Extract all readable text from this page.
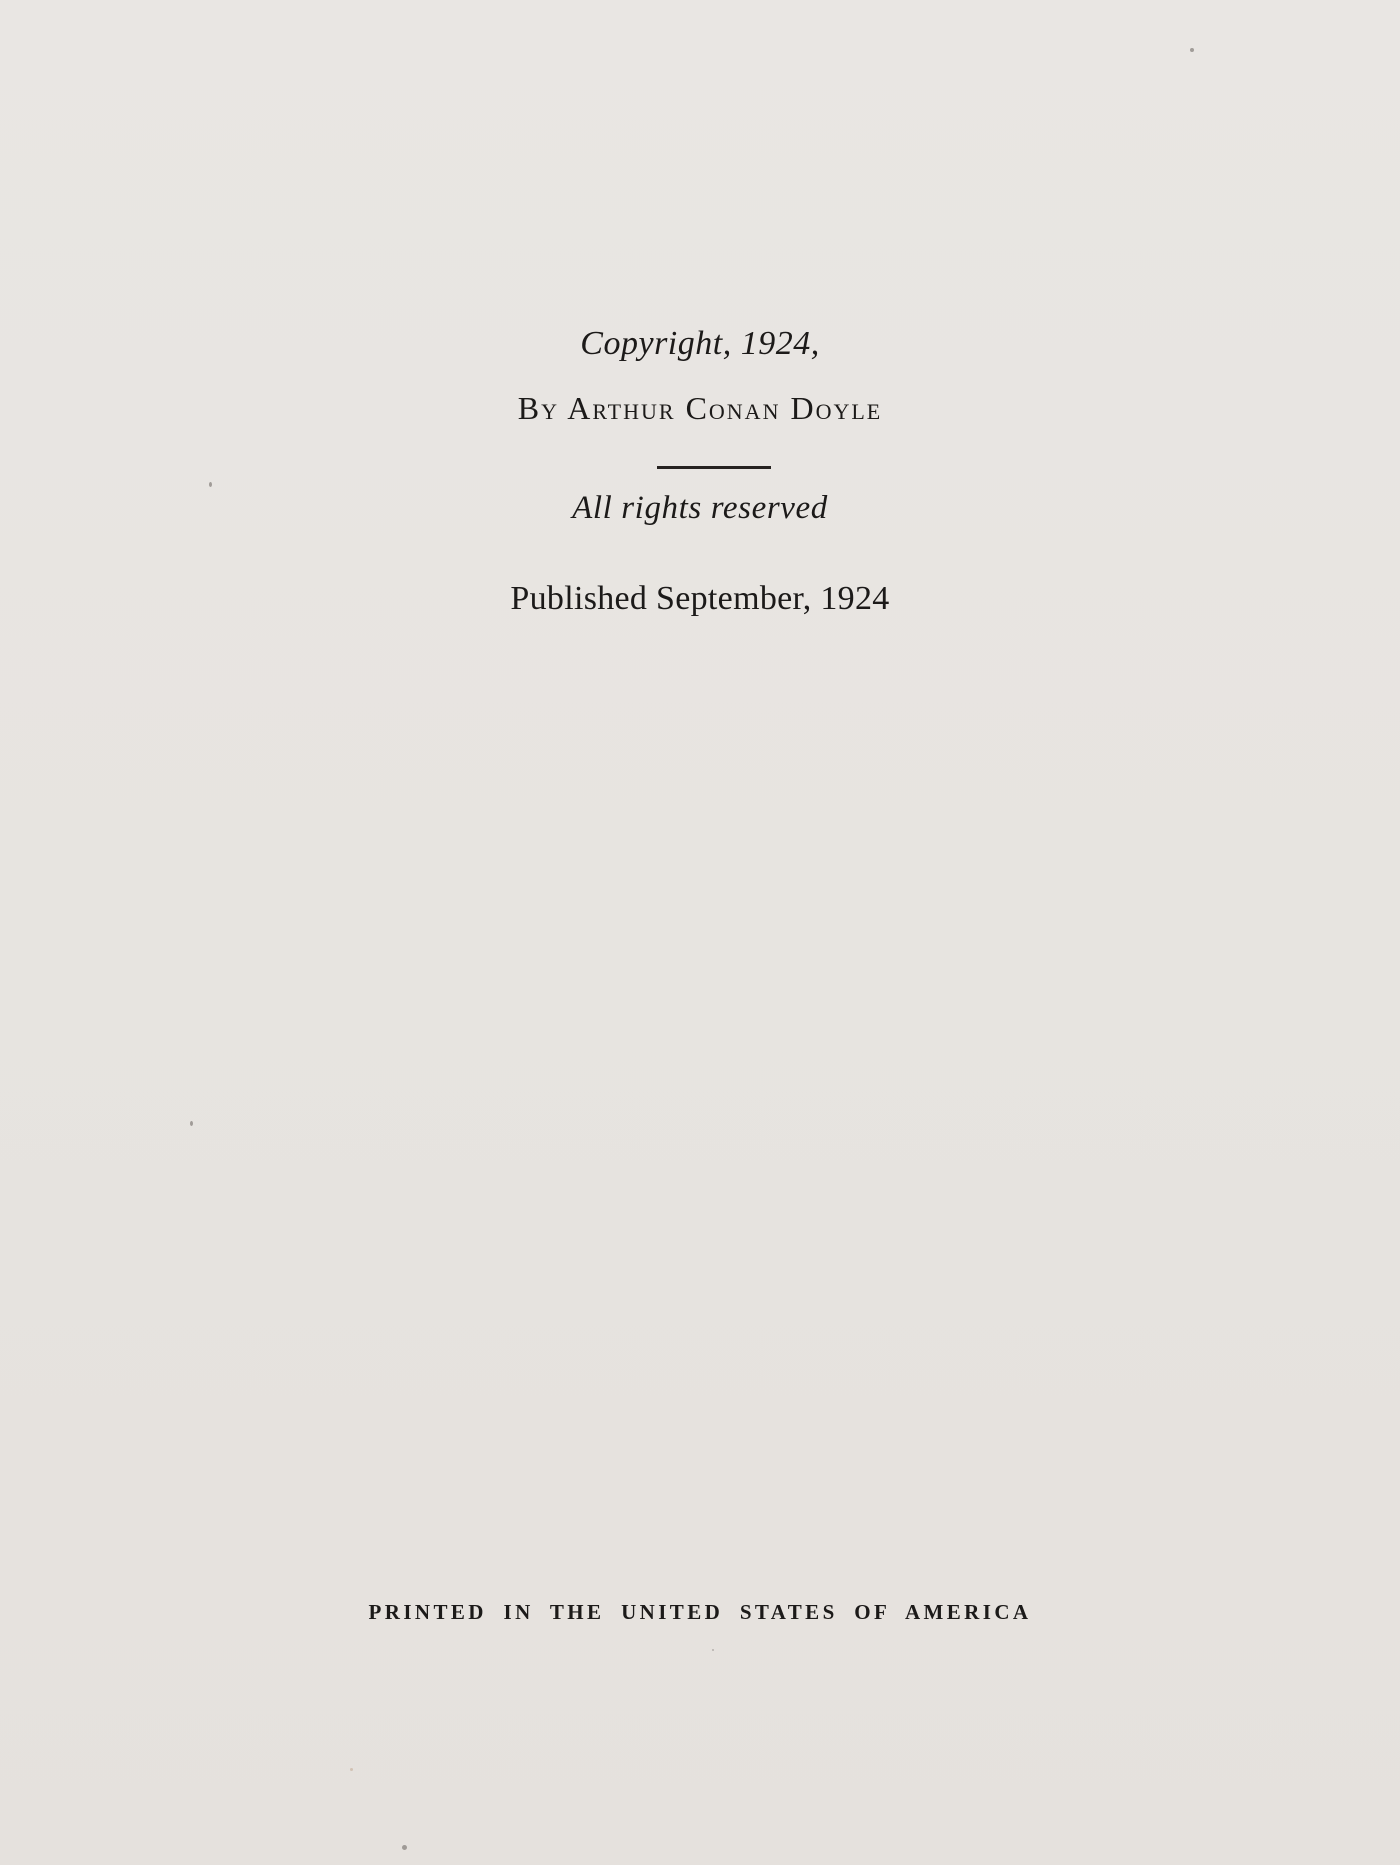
Copyright, 1924,

By Arthur Conan Doyle

All rights reserved

Published September, 1924

PRINTED IN THE UNITED STATES OF AMERICA
